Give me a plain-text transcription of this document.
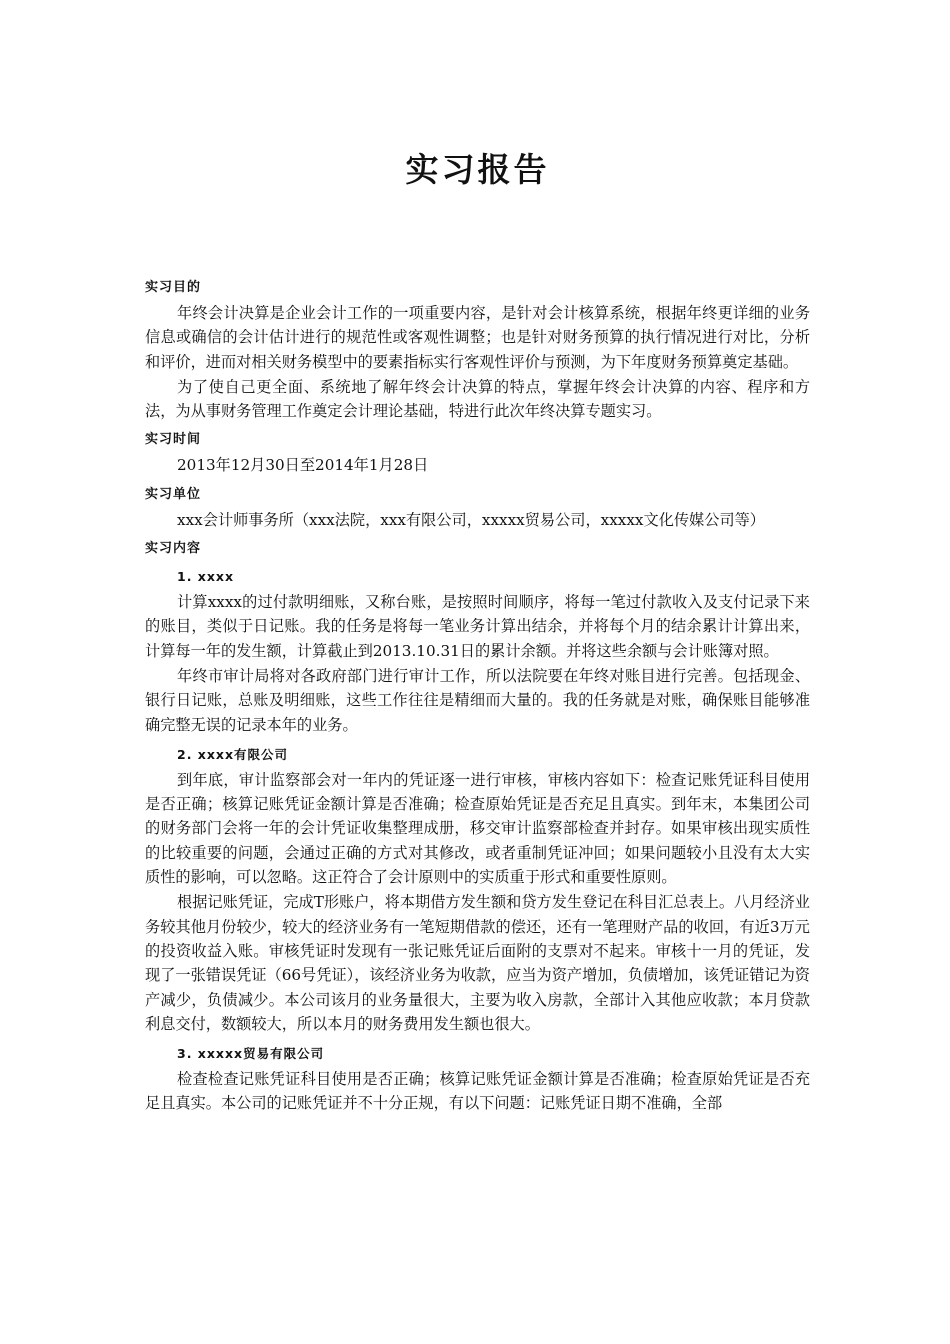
实习报告
实习目的

年终会计决算是企业会计工作的一项重要内容，是针对会计核算系统，根据年终更详细的业务信息或确信的会计估计进行的规范性或客观性调整；也是针对财务预算的执行情况进行对比，分析和评价，进而对相关财务模型中的要素指标实行客观性评价与预测，为下年度财务预算奠定基础。

为了使自己更全面、系统地了解年终会计决算的特点，掌握年终会计决算的内容、程序和方法，为从事财务管理工作奠定会计理论基础，特进行此次年终决算专题实习。

实习时间

2013年12月30日至2014年1月28日

实习单位

xxx会计师事务所（xxx法院，xxx有限公司，xxxxx贸易公司，xxxxx文化传媒公司等）

实习内容
1. xxxx

计算xxxx的过付款明细账，又称台账，是按照时间顺序，将每一笔过付款收入及支付记录下来的账目，类似于日记账。我的任务是将每一笔业务计算出结余，并将每个月的结余累计计算出来，计算每一年的发生额，计算截止到2013.10.31日的累计余额。并将这些余额与会计账簿对照。

年终市审计局将对各政府部门进行审计工作，所以法院要在年终对账目进行完善。包括现金、银行日记账，总账及明细账，这些工作往往是精细而大量的。我的任务就是对账，确保账目能够准确完整无误的记录本年的业务。

2. xxxx有限公司

到年底，审计监察部会对一年内的凭证逐一进行审核，审核内容如下：检查记账凭证科目使用是否正确；核算记账凭证金额计算是否准确；检查原始凭证是否充足且真实。到年末，本集团公司的财务部门会将一年的会计凭证收集整理成册，移交审计监察部检查并封存。如果审核出现实质性的比较重要的问题，会通过正确的方式对其修改，或者重制凭证冲回；如果问题较小且没有太大实质性的影响，可以忽略。这正符合了会计原则中的实质重于形式和重要性原则。

根据记账凭证，完成T形账户，将本期借方发生额和贷方发生登记在科目汇总表上。八月经济业务较其他月份较少，较大的经济业务有一笔短期借款的偿还，还有一笔理财产品的收回，有近3万元的投资收益入账。审核凭证时发现有一张记账凭证后面附的支票对不起来。审核十一月的凭证，发现了一张错误凭证（66号凭证），该经济业务为收款，应当为资产增加，负债增加，该凭证错记为资产减少，负债减少。本公司该月的业务量很大，主要为收入房款，全部计入其他应收款；本月贷款利息交付，数额较大，所以本月的财务费用发生额也很大。

3. xxxxx贸易有限公司

检查检查记账凭证科目使用是否正确；核算记账凭证金额计算是否准确；检查原始凭证是否充足且真实。本公司的记账凭证并不十分正规，有以下问题：记账凭证日期不准确，全部
